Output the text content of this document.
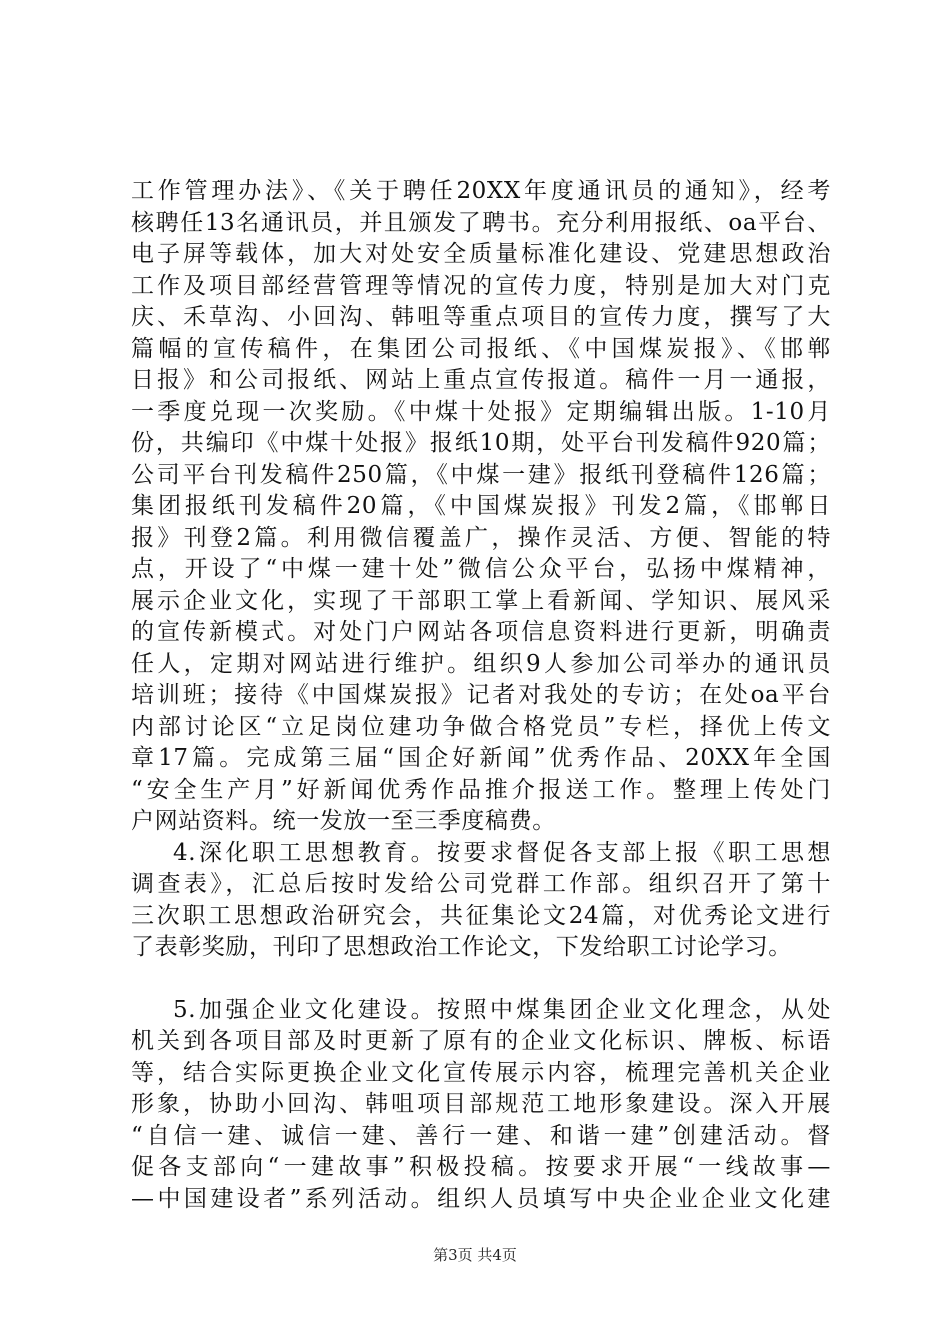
工作管理办法》、《关于聘任20XX年度通讯员的通知》，经考
核聘任13名通讯员，并且颁发了聘书。充分利用报纸、oa平台、
电子屏等载体，加大对处安全质量标准化建设、党建思想政治
工作及项目部经营管理等情况的宣传力度，特别是加大对门克
庆、禾草沟、小回沟、韩咀等重点项目的宣传力度，撰写了大
篇幅的宣传稿件，在集团公司报纸、《中国煤炭报》、《邯郸
日报》和公司报纸、网站上重点宣传报道。稿件一月一通报，
一季度兑现一次奖励。《中煤十处报》定期编辑出版。1-10月
份，共编印《中煤十处报》报纸10期，处平台刊发稿件920篇；
公司平台刊发稿件250篇，《中煤一建》报纸刊登稿件126篇；
集团报纸刊发稿件20篇，《中国煤炭报》刊发2篇，《邯郸日
报》刊登2篇。利用微信覆盖广，操作灵活、方便、智能的特
点，开设了“中煤一建十处”微信公众平台，弘扬中煤精神，
展示企业文化，实现了干部职工掌上看新闻、学知识、展风采
的宣传新模式。对处门户网站各项信息资料进行更新，明确责
任人，定期对网站进行维护。组织9人参加公司举办的通讯员
培训班；接待《中国煤炭报》记者对我处的专访；在处oa平台
内部讨论区“立足岗位建功争做合格党员”专栏，择优上传文
章17篇。完成第三届“国企好新闻”优秀作品、20XX年全国
“安全生产月”好新闻优秀作品推介报送工作。整理上传处门
户网站资料。统一发放一至三季度稿费。
4.深化职工思想教育。按要求督促各支部上报《职工思想
调查表》，汇总后按时发给公司党群工作部。组织召开了第十
三次职工思想政治研究会，共征集论文24篇，对优秀论文进行
了表彰奖励，刊印了思想政治工作论文，下发给职工讨论学习。
5.加强企业文化建设。按照中煤集团企业文化理念，从处
机关到各项目部及时更新了原有的企业文化标识、牌板、标语
等，结合实际更换企业文化宣传展示内容，梳理完善机关企业
形象，协助小回沟、韩咀项目部规范工地形象建设。深入开展
“自信一建、诚信一建、善行一建、和谐一建”创建活动。督
促各支部向“一建故事”积极投稿。按要求开展“一线故事—
—中国建设者”系列活动。组织人员填写中央企业企业文化建
第3页 共4页
